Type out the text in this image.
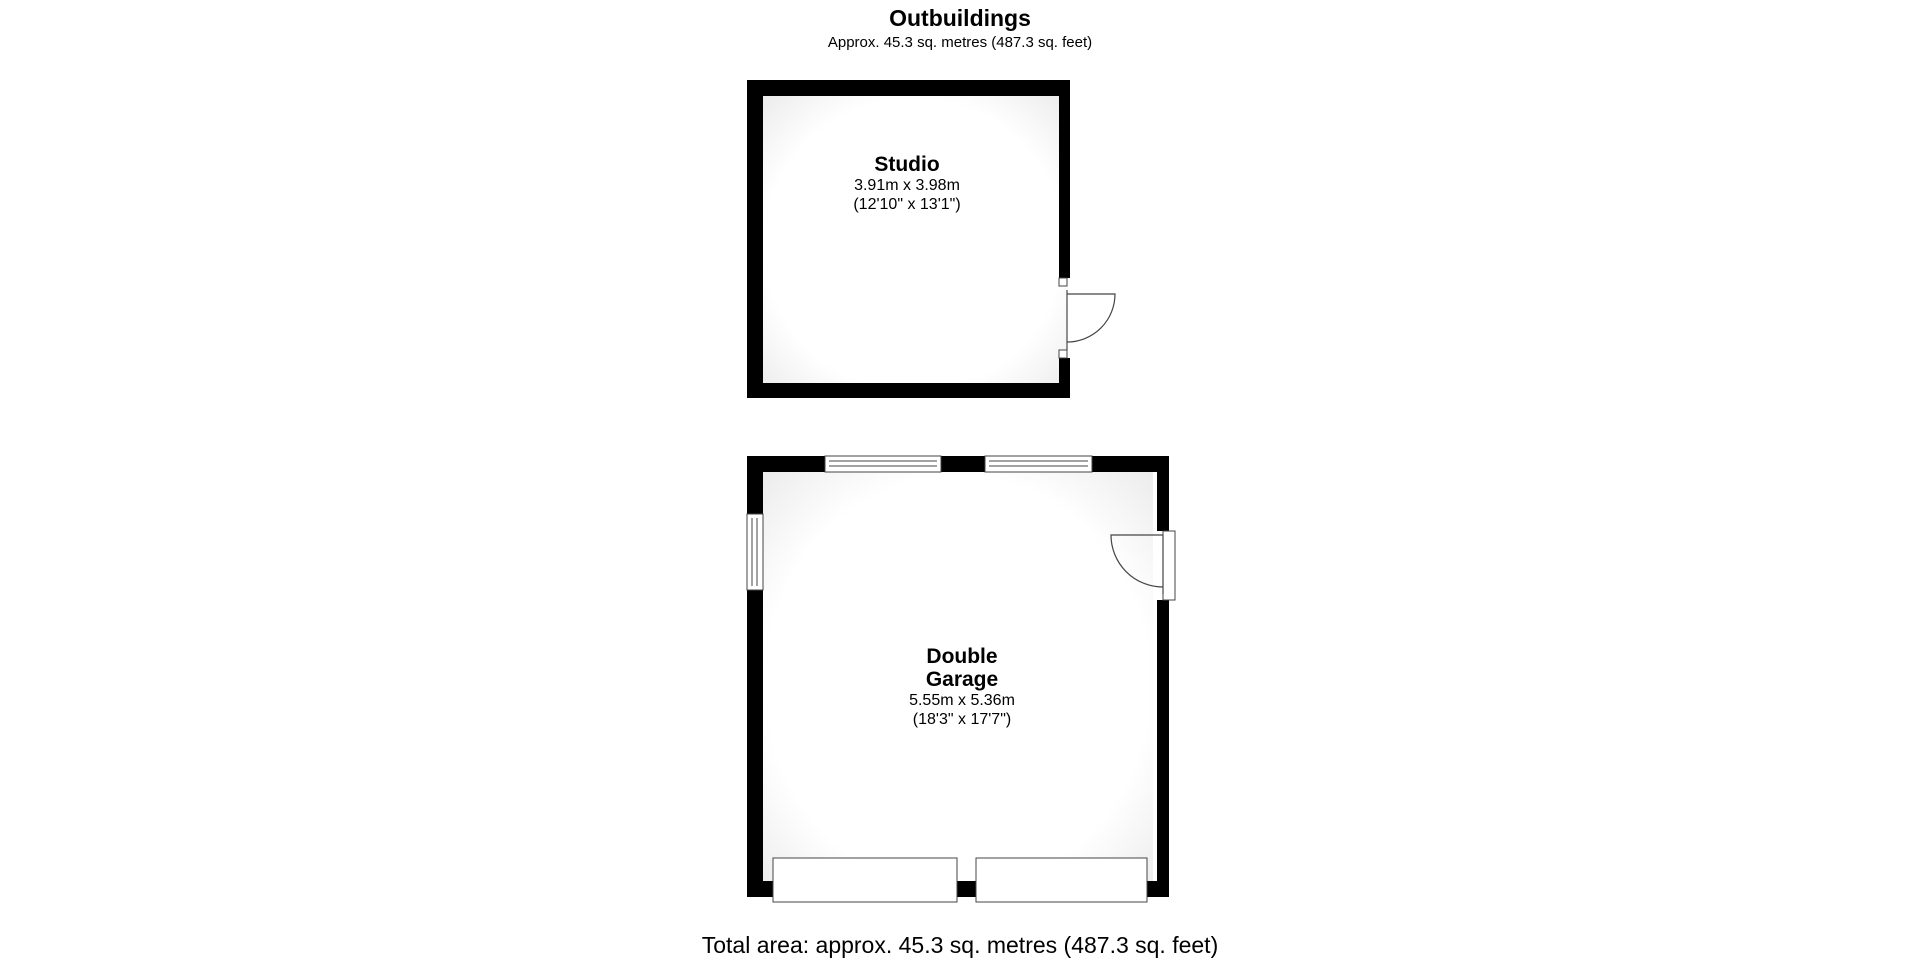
Outbuildings
Approx. 45.3 sq. metres (487.3 sq. feet)
Studio
3.91m x 3.98m
(12'10" x 13'1")
Double
Garage
5.55m x 5.36m
(18'3" x 17'7")
Total area: approx. 45.3 sq. metres (487.3 sq. feet)
